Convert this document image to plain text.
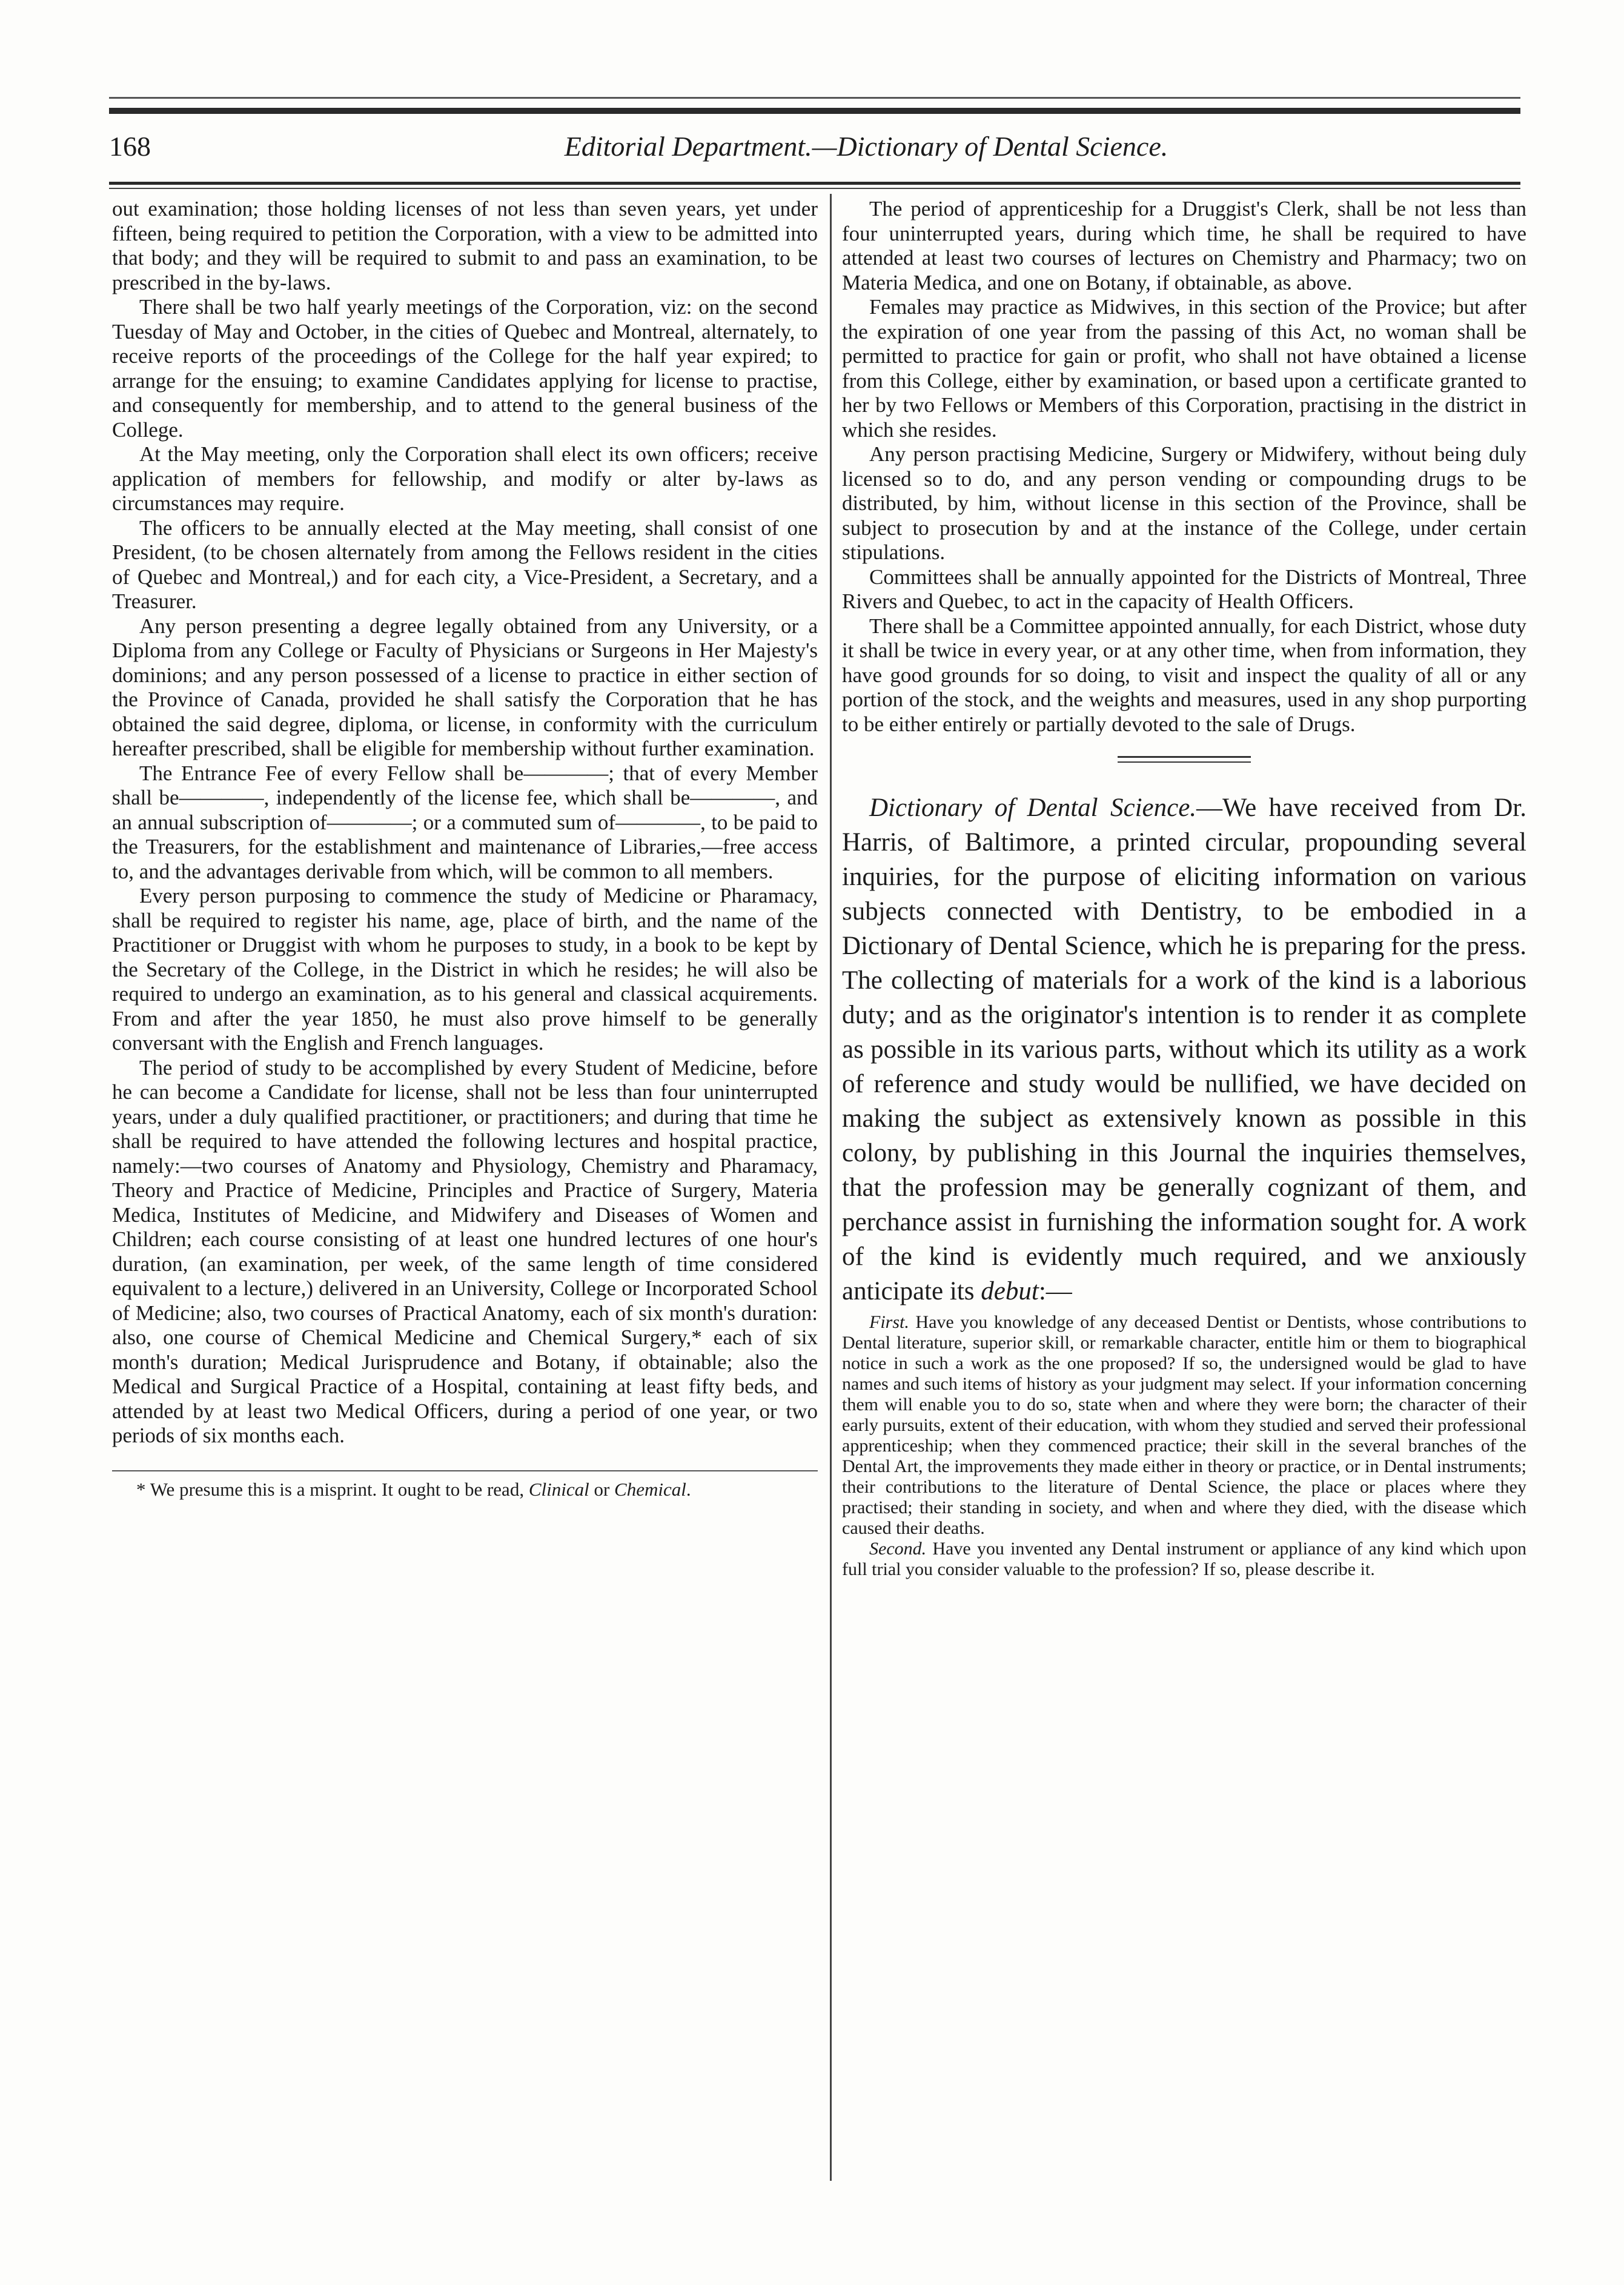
168	Editorial Department.—Dictionary of Dental Science.

out examination; those holding licenses of not less than seven years, yet under fifteen, being required to petition the Corporation, with a view to be admitted into that body; and they will be required to submit to and pass an examination, to be prescribed in the by-laws.

There shall be two half yearly meetings of the Corporation, viz: on the second Tuesday of May and October, in the cities of Quebec and Montreal, alternately, to receive reports of the proceedings of the College for the half year expired; to arrange for the ensuing; to examine Candidates applying for license to practise, and consequently for membership, and to attend to the general business of the College.

At the May meeting, only the Corporation shall elect its own officers; receive application of members for fellowship, and modify or alter by-laws as circumstances may require.

The officers to be annually elected at the May meeting, shall consist of one President, (to be chosen alternately from among the Fellows resident in the cities of Quebec and Montreal,) and for each city, a Vice-President, a Secretary, and a Treasurer.

Any person presenting a degree legally obtained from any University, or a Diploma from any College or Faculty of Physicians or Surgeons in Her Majesty's dominions; and any person possessed of a license to practice in either section of the Province of Canada, provided he shall satisfy the Corporation that he has obtained the said degree, diploma, or license, in conformity with the curriculum hereafter prescribed, shall be eligible for membership without further examination.

The Entrance Fee of every Fellow shall be————; that of every Member shall be————, independently of the license fee, which shall be————, and an annual subscription of————; or a commuted sum of————, to be paid to the Treasurers, for the establishment and maintenance of Libraries,—free access to, and the advantages derivable from which, will be common to all members.

Every person purposing to commence the study of Medicine or Pharamacy, shall be required to register his name, age, place of birth, and the name of the Practitioner or Druggist with whom he purposes to study, in a book to be kept by the Secretary of the College, in the District in which he resides; he will also be required to undergo an examination, as to his general and classical acquirements. From and after the year 1850, he must also prove himself to be generally conversant with the English and French languages.

The period of study to be accomplished by every Student of Medicine, before he can become a Candidate for license, shall not be less than four uninterrupted years, under a duly qualified practitioner, or practitioners; and during that time he shall be required to have attended the following lectures and hospital practice, namely:—two courses of Anatomy and Physiology, Chemistry and Pharamacy, Theory and Practice of Medicine, Principles and Practice of Surgery, Materia Medica, Institutes of Medicine, and Midwifery and Diseases of Women and Children; each course consisting of at least one hundred lectures of one hour's duration, (an examination, per week, of the same length of time considered equivalent to a lecture,) delivered in an University, College or Incorporated School of Medicine; also, two courses of Practical Anatomy, each of six month's duration: also, one course of Chemical Medicine and Chemical Surgery,* each of six month's duration; Medical Jurisprudence and Botany, if obtainable; also the Medical and Surgical Practice of a Hospital, containing at least fifty beds, and attended by at least two Medical Officers, during a period of one year, or two periods of six months each.

* We presume this is a misprint. It ought to be read, Clinical or Chemical.

The period of apprenticeship for a Druggist's Clerk, shall be not less than four uninterrupted years, during which time, he shall be required to have attended at least two courses of lectures on Chemistry and Pharmacy; two on Materia Medica, and one on Botany, if obtainable, as above.

Females may practice as Midwives, in this section of the Provice; but after the expiration of one year from the passing of this Act, no woman shall be permitted to practice for gain or profit, who shall not have obtained a license from this College, either by examination, or based upon a certificate granted to her by two Fellows or Members of this Corporation, practising in the district in which she resides.

Any person practising Medicine, Surgery or Midwifery, without being duly licensed so to do, and any person vending or compounding drugs to be distributed, by him, without license in this section of the Province, shall be subject to prosecution by and at the instance of the College, under certain stipulations.

Committees shall be annually appointed for the Districts of Montreal, Three Rivers and Quebec, to act in the capacity of Health Officers.

There shall be a Committee appointed annually, for each District, whose duty it shall be twice in every year, or at any other time, when from information, they have good grounds for so doing, to visit and inspect the quality of all or any portion of the stock, and the weights and measures, used in any shop purporting to be either entirely or partially devoted to the sale of Drugs.

Dictionary of Dental Science.—We have received from Dr. Harris, of Baltimore, a printed circular, propounding several inquiries, for the purpose of eliciting information on various subjects connected with Dentistry, to be embodied in a Dictionary of Dental Science, which he is preparing for the press. The collecting of materials for a work of the kind is a laborious duty; and as the originator's intention is to render it as complete as possible in its various parts, without which its utility as a work of reference and study would be nullified, we have decided on making the subject as extensively known as possible in this colony, by publishing in this Journal the inquiries themselves, that the profession may be generally cognizant of them, and perchance assist in furnishing the information sought for. A work of the kind is evidently much required, and we anxiously anticipate its debut:—

First. Have you knowledge of any deceased Dentist or Dentists, whose contributions to Dental literature, superior skill, or remarkable character, entitle him or them to biographical notice in such a work as the one proposed? If so, the undersigned would be glad to have names and such items of history as your judgment may select. If your information concerning them will enable you to do so, state when and where they were born; the character of their early pursuits, extent of their education, with whom they studied and served their professional apprenticeship; when they commenced practice; their skill in the several branches of the Dental Art, the improvements they made either in theory or practice, or in Dental instruments; their contributions to the literature of Dental Science, the place or places where they practised; their standing in society, and when and where they died, with the disease which caused their deaths.

Second. Have you invented any Dental instrument or appliance of any kind which upon full trial you consider valuable to the profession? If so, please describe it.
